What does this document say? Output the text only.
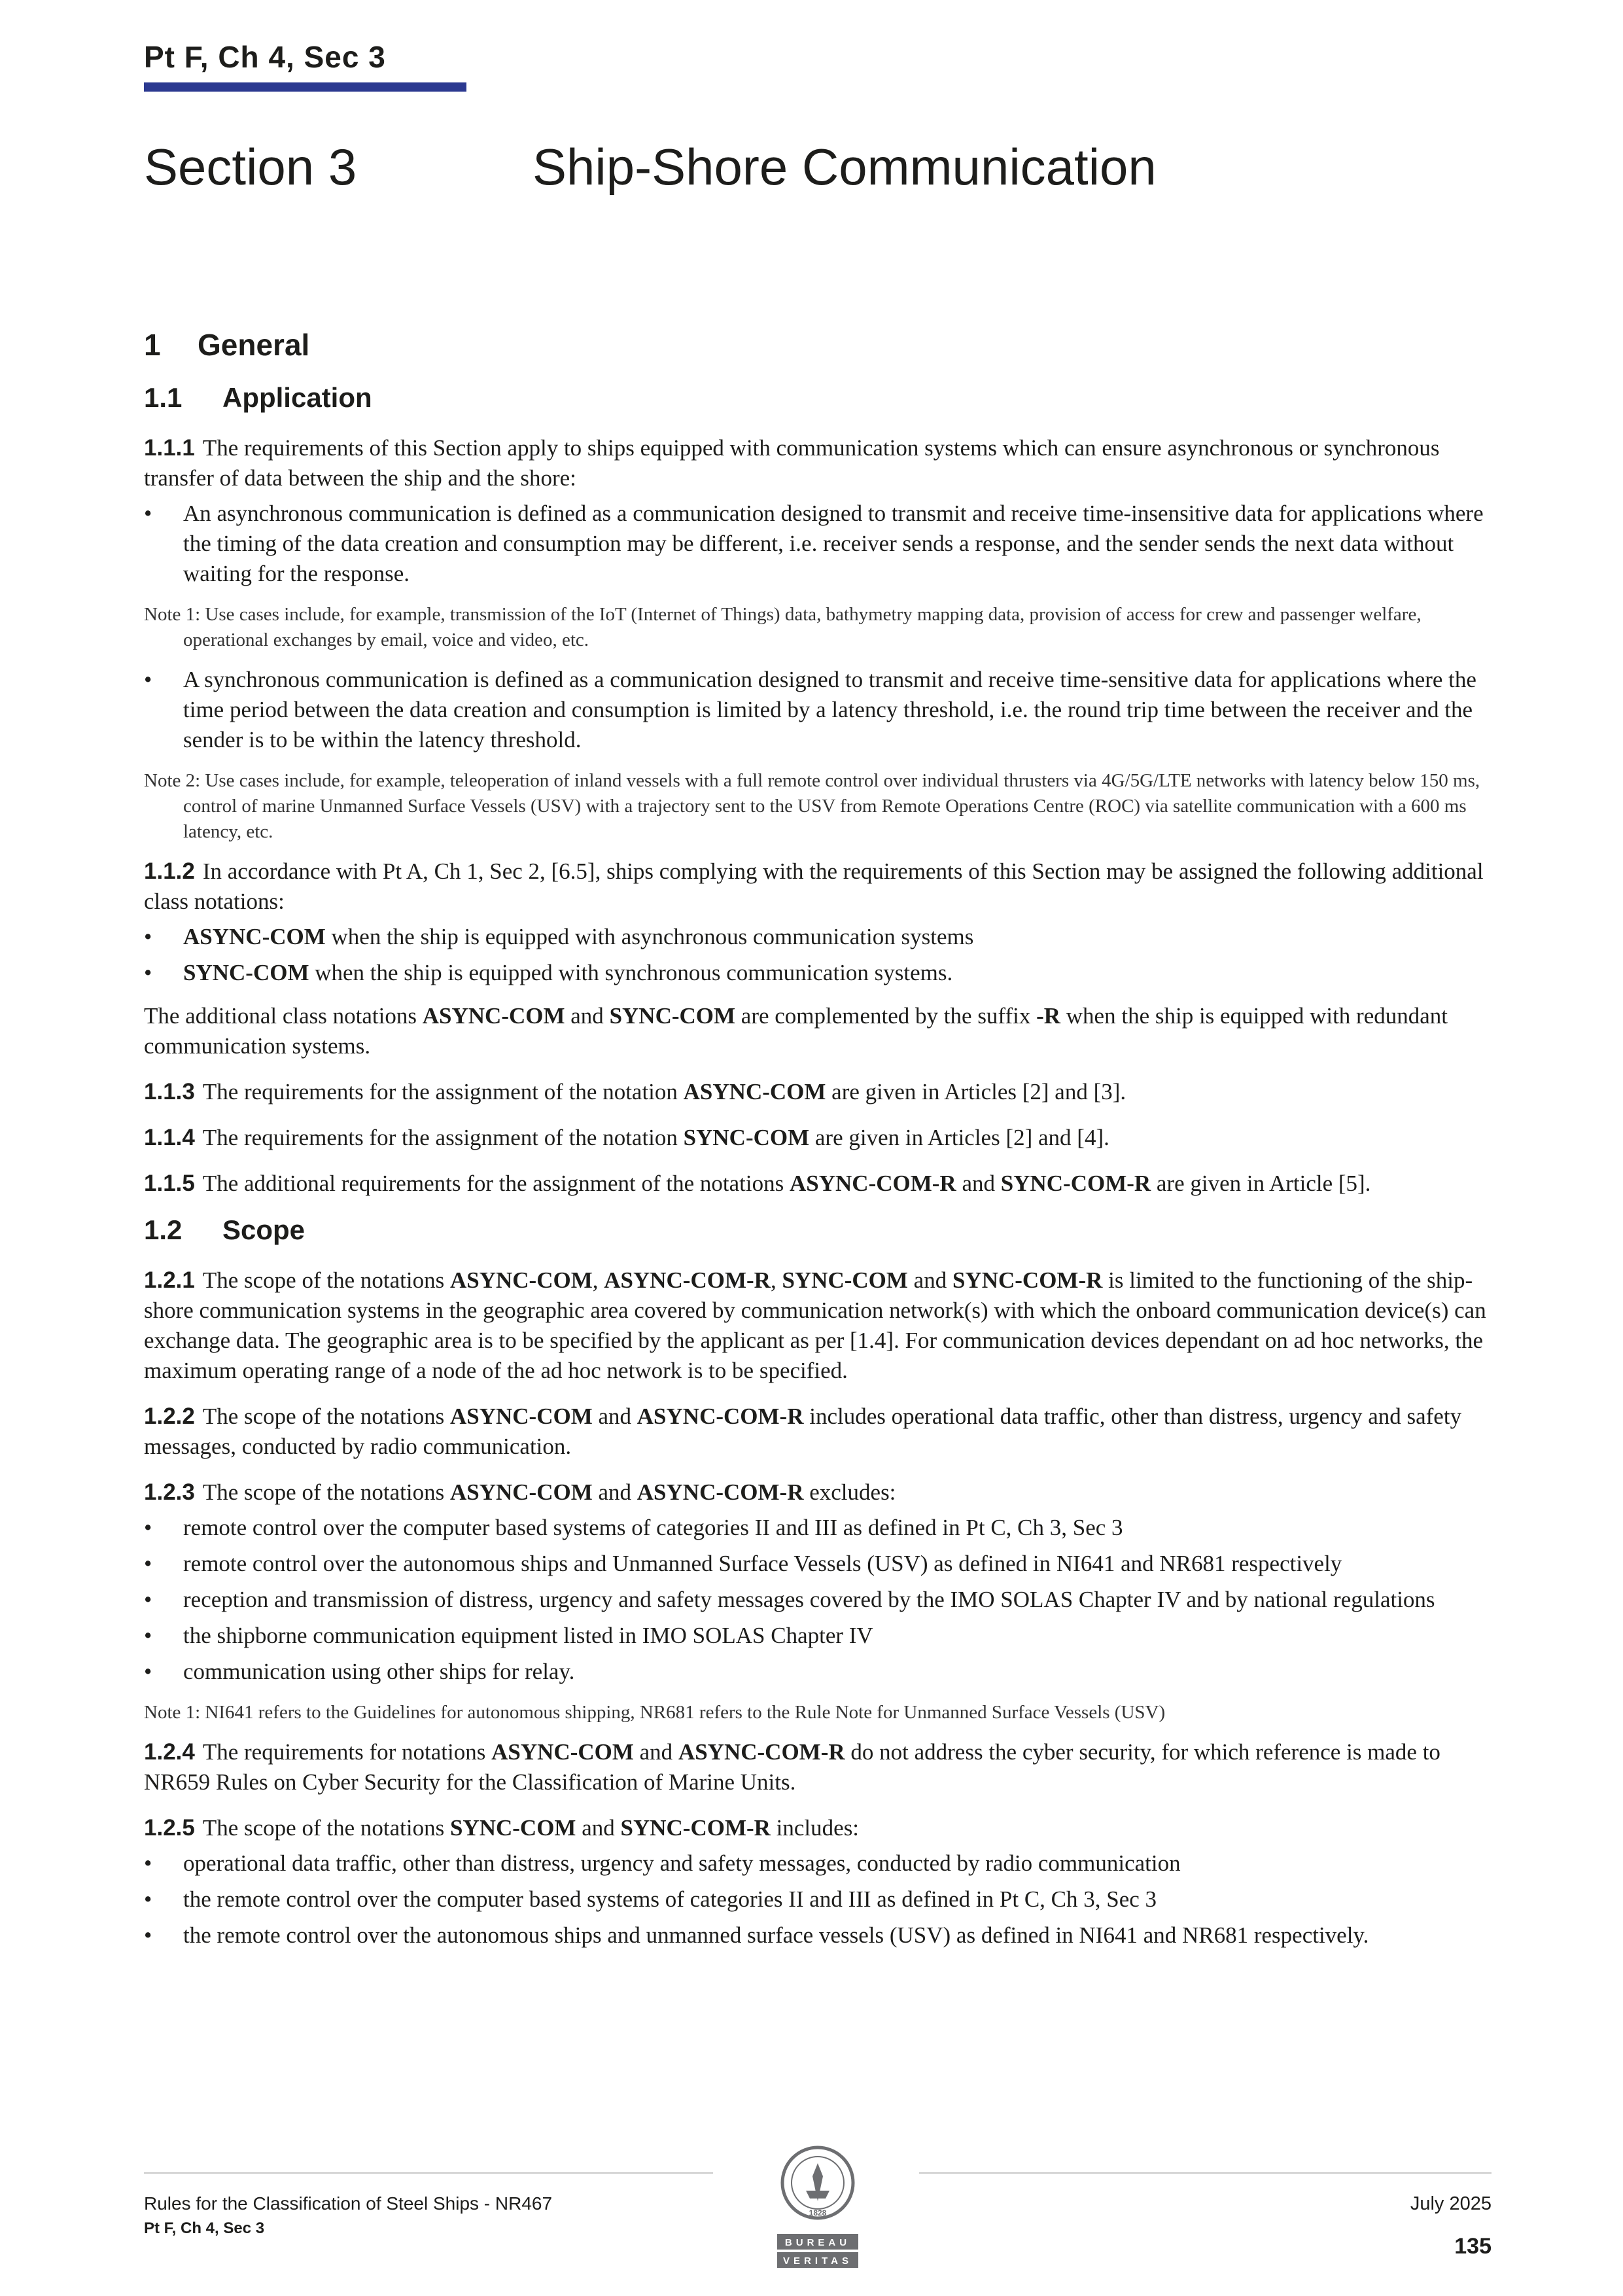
Pt F, Ch 4, Sec 3
Section 3	Ship-Shore Communication
1	General
1.1	Application

1.1.1 The requirements of this Section apply to ships equipped with communication systems which can ensure asynchronous or synchronous transfer of data between the ship and the shore:

• An asynchronous communication is defined as a communication designed to transmit and receive time-insensitive data for applications where the timing of the data creation and consumption may be different, i.e. receiver sends a response, and the sender sends the next data without waiting for the response.

Note 1: Use cases include, for example, transmission of the IoT (Internet of Things) data, bathymetry mapping data, provision of access for crew and passenger welfare, operational exchanges by email, voice and video, etc.

• A synchronous communication is defined as a communication designed to transmit and receive time-sensitive data for applications where the time period between the data creation and consumption is limited by a latency threshold, i.e. the round trip time between the receiver and the sender is to be within the latency threshold.

Note 2: Use cases include, for example, teleoperation of inland vessels with a full remote control over individual thrusters via 4G/5G/LTE networks with latency below 150 ms, control of marine Unmanned Surface Vessels (USV) with a trajectory sent to the USV from Remote Operations Centre (ROC) via satellite communication with a 600 ms latency, etc.

1.1.2 In accordance with Pt A, Ch 1, Sec 2, [6.5], ships complying with the requirements of this Section may be assigned the following additional class notations:

• ASYNC-COM when the ship is equipped with asynchronous communication systems
• SYNC-COM when the ship is equipped with synchronous communication systems.

The additional class notations ASYNC-COM and SYNC-COM are complemented by the suffix -R when the ship is equipped with redundant communication systems.

1.1.3 The requirements for the assignment of the notation ASYNC-COM are given in Articles [2] and [3].

1.1.4 The requirements for the assignment of the notation SYNC-COM are given in Articles [2] and [4].

1.1.5 The additional requirements for the assignment of the notations ASYNC-COM-R and SYNC-COM-R are given in Article [5].

1.2	Scope

1.2.1 The scope of the notations ASYNC-COM, ASYNC-COM-R, SYNC-COM and SYNC-COM-R is limited to the functioning of the ship-shore communication systems in the geographic area covered by communication network(s) with which the onboard communication device(s) can exchange data. The geographic area is to be specified by the applicant as per [1.4]. For communication devices dependant on ad hoc networks, the maximum operating range of a node of the ad hoc network is to be specified.

1.2.2 The scope of the notations ASYNC-COM and ASYNC-COM-R includes operational data traffic, other than distress, urgency and safety messages, conducted by radio communication.

1.2.3 The scope of the notations ASYNC-COM and ASYNC-COM-R excludes:

• remote control over the computer based systems of categories II and III as defined in Pt C, Ch 3, Sec 3
• remote control over the autonomous ships and Unmanned Surface Vessels (USV) as defined in NI641 and NR681 respectively
• reception and transmission of distress, urgency and safety messages covered by the IMO SOLAS Chapter IV and by national regulations
• the shipborne communication equipment listed in IMO SOLAS Chapter IV
• communication using other ships for relay.

Note 1: NI641 refers to the Guidelines for autonomous shipping, NR681 refers to the Rule Note for Unmanned Surface Vessels (USV)

1.2.4 The requirements for notations ASYNC-COM and ASYNC-COM-R do not address the cyber security, for which reference is made to NR659 Rules on Cyber Security for the Classification of Marine Units.

1.2.5 The scope of the notations SYNC-COM and SYNC-COM-R includes:

• operational data traffic, other than distress, urgency and safety messages, conducted by radio communication
• the remote control over the computer based systems of categories II and III as defined in Pt C, Ch 3, Sec 3
• the remote control over the autonomous ships and unmanned surface vessels (USV) as defined in NI641 and NR681 respectively.
Rules for the Classification of Steel Ships - NR467
Pt F, Ch 4, Sec 3
1828
BUREAU
VERITAS
July 2025
135
